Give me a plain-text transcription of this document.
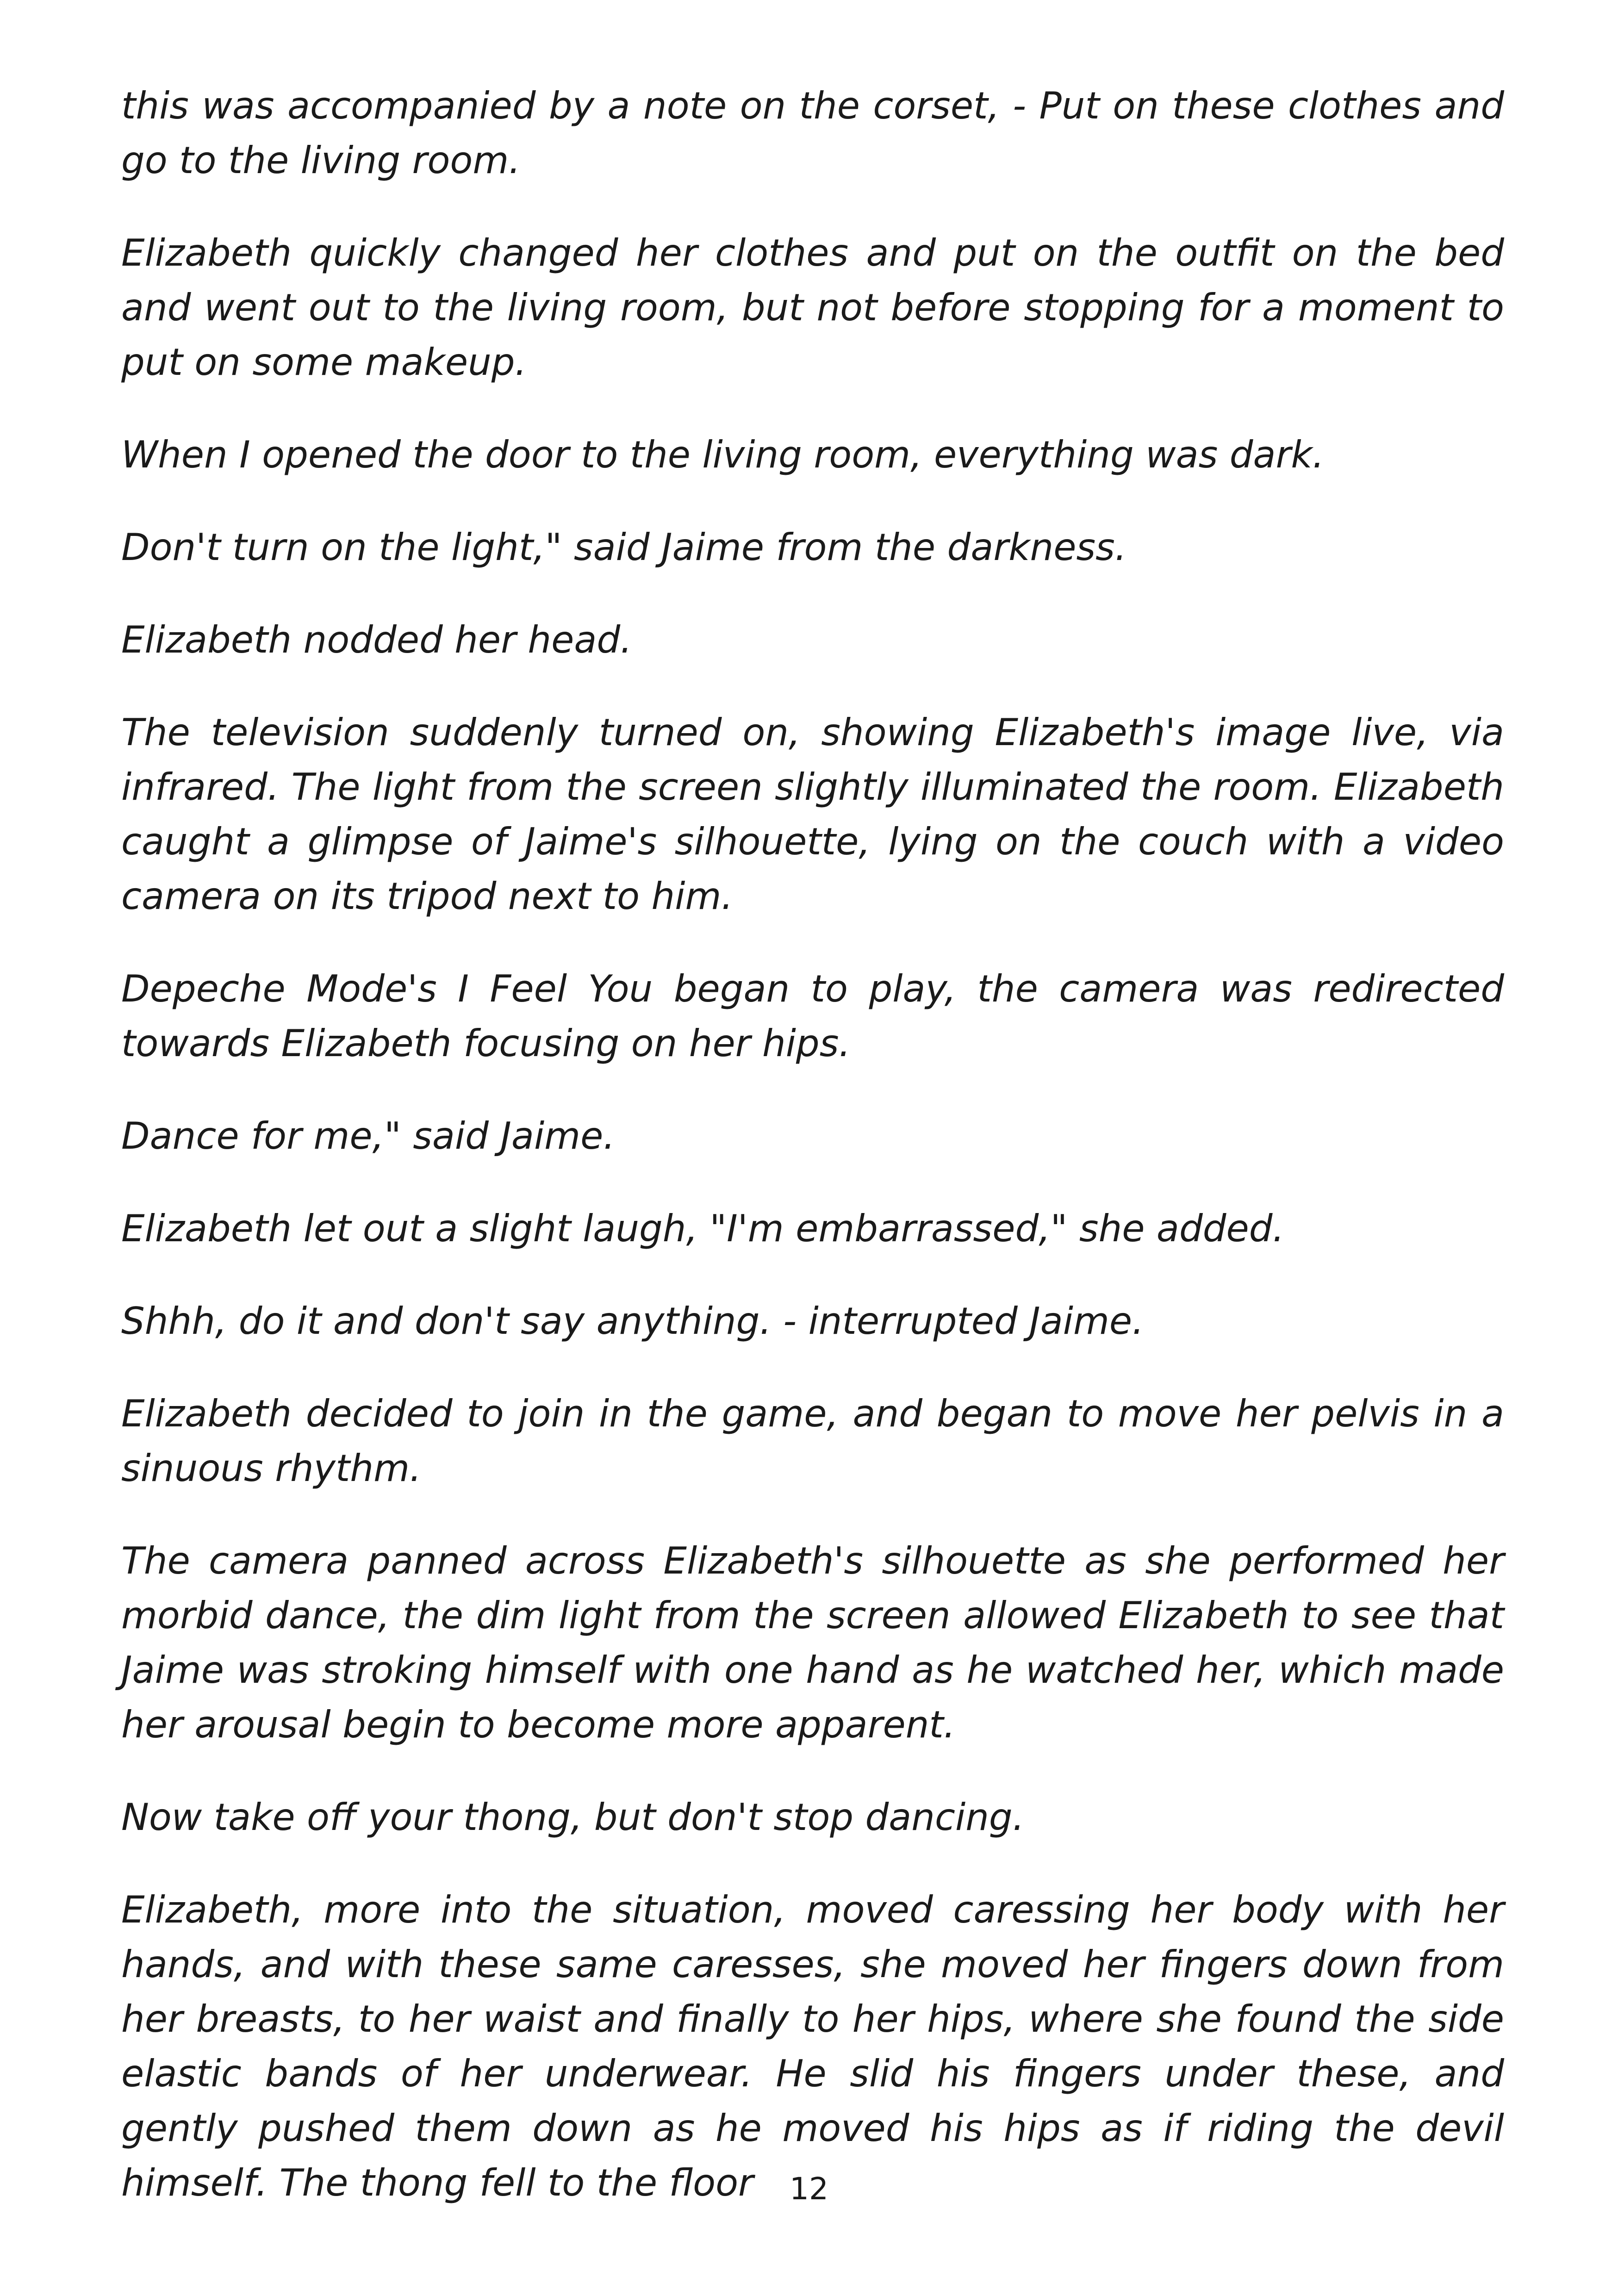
this was accompanied by a note on the corset, - Put on these clothes and go to the living room.

Elizabeth quickly changed her clothes and put on the outfit on the bed and went out to the living room, but not before stopping for a moment to put on some makeup.

When I opened the door to the living room, everything was dark.

Don't turn on the light," said Jaime from the darkness.

Elizabeth nodded her head.

The television suddenly turned on, showing Elizabeth's image live, via infrared. The light from the screen slightly illuminated the room. Elizabeth caught a glimpse of Jaime's silhouette, lying on the couch with a video camera on its tripod next to him.

Depeche Mode's I Feel You began to play, the camera was redirected towards Elizabeth focusing on her hips.

Dance for me," said Jaime.

Elizabeth let out a slight laugh, "I'm embarrassed," she added.

Shhh, do it and don't say anything. - interrupted Jaime.

Elizabeth decided to join in the game, and began to move her pelvis in a sinuous rhythm.

The camera panned across Elizabeth's silhouette as she performed her morbid dance, the dim light from the screen allowed Elizabeth to see that Jaime was stroking himself with one hand as he watched her, which made her arousal begin to become more apparent.

Now take off your thong, but don't stop dancing.

Elizabeth, more into the situation, moved caressing her body with her hands, and with these same caresses, she moved her fingers down from her breasts, to her waist and finally to her hips, where she found the side elastic bands of her underwear. He slid his fingers under these, and gently pushed them down as he moved his hips as if riding the devil himself. The thong fell to the floor	12
